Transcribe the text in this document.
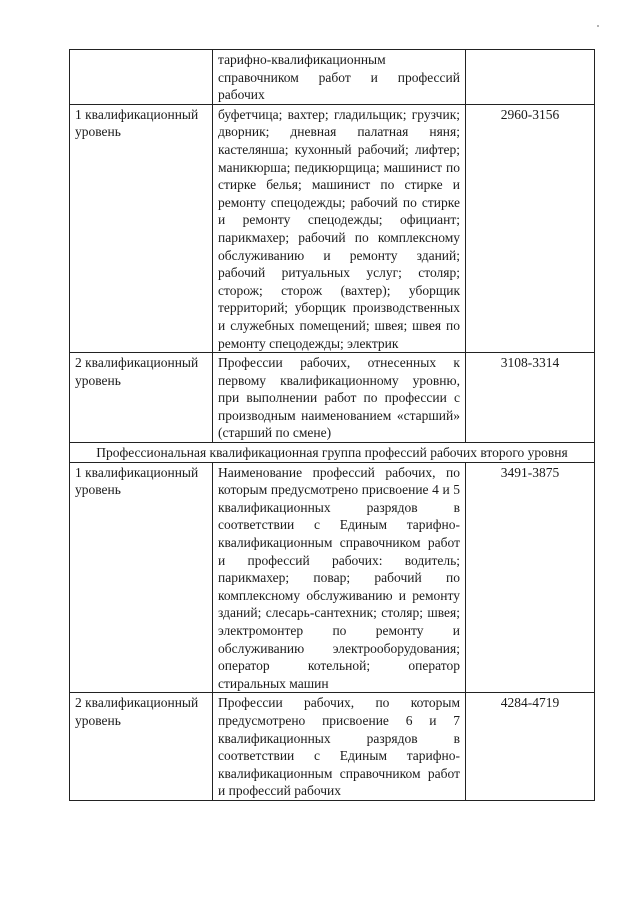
	тарифно-квалификационным справочником работ и профессий рабочих	
1 квалификационный уровень	буфетчица; вахтер; гладильщик; грузчик; дворник; дневная палатная няня; кастелянша; кухонный рабочий; лифтер; маникюрша; педикюрщица; машинист по стирке белья; машинист по стирке и ремонту спецодежды; рабочий по стирке и ремонту спецодежды; официант; парикмахер; рабочий по комплексному обслуживанию и ремонту зданий; рабочий ритуальных услуг; столяр; сторож; сторож (вахтер); уборщик территорий; уборщик производственных и служебных помещений; швея; швея по ремонту спецодежды; электрик	2960-3156
2 квалификационный уровень	Профессии рабочих, отнесенных к первому квалификационному уровню, при выполнении работ по профессии с производным наименованием «старший» (старший по смене)	3108-3314
Профессиональная квалификационная группа профессий рабочих второго уровня		
1 квалификационный уровень	Наименование профессий рабочих, по которым предусмотрено присвоение 4 и 5 квалификационных разрядов в соответствии с Единым тарифно-квалификационным справочником работ и профессий рабочих: водитель; парикмахер; повар; рабочий по комплексному обслуживанию и ремонту зданий; слесарь-сантехник; столяр; швея; электромонтер по ремонту и обслуживанию электрооборудования; оператор котельной; оператор стиральных машин	3491-3875
2 квалификационный уровень	Профессии рабочих, по которым предусмотрено присвоение 6 и 7 квалификационных разрядов в соответствии с Единым тарифно-квалификационным справочником работ и профессий рабочих	4284-4719
